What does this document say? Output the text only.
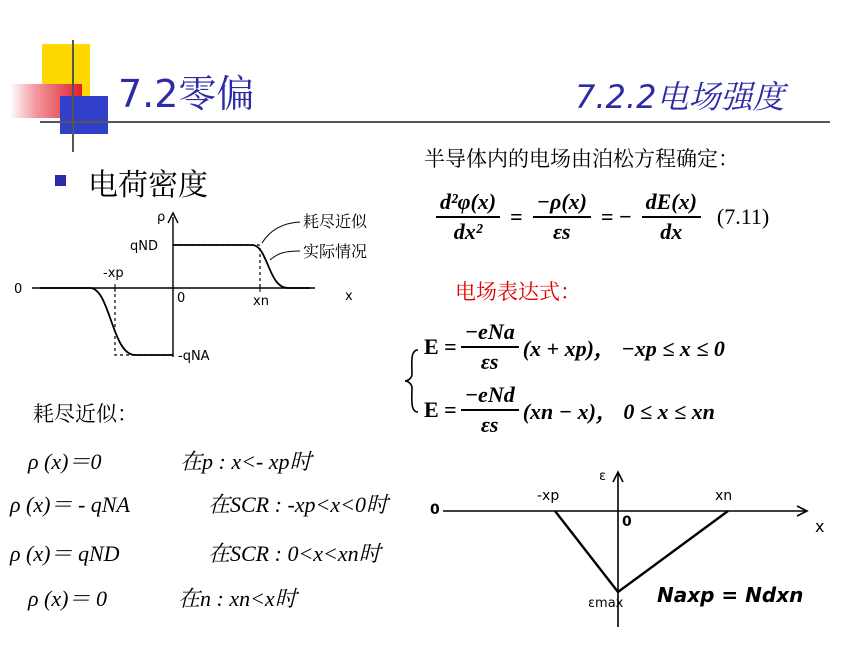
7.2零偏	7.2.2电场强度
电荷密度
半导体内的电场由泊松方程确定：
$\frac{\text{d²φ(x)}}{\text{dx²}} = \frac{-\rho(x)}{\varepsilon s}$ = − $\frac{dE(x)}{dx} (7.11)$
电场表达式：
$E = \frac{\text{−eNa}}{\varepsilon s} (x + xp)$， −xp ≤ x ≤ 0
$E = \frac{\text{−eNd}}{\varepsilon s} (xn - x)$， 0 ≤ x ≤ xn
ρ
x
0
0
-xp
xn
qND
-qNA
耗尽近似
实际情况
耗尽近似：
ρ (x)＝0	在p : x<- xp时
ρ (x)＝ - qNA	在SCR : -xp<x<0时
ρ (x)＝ qND	在SCR : 0<x<xn时
ρ (x)＝ 0	在n : xn<x时
ε
x
0
0
-xp	xn
εmax Naxp = Ndxn
